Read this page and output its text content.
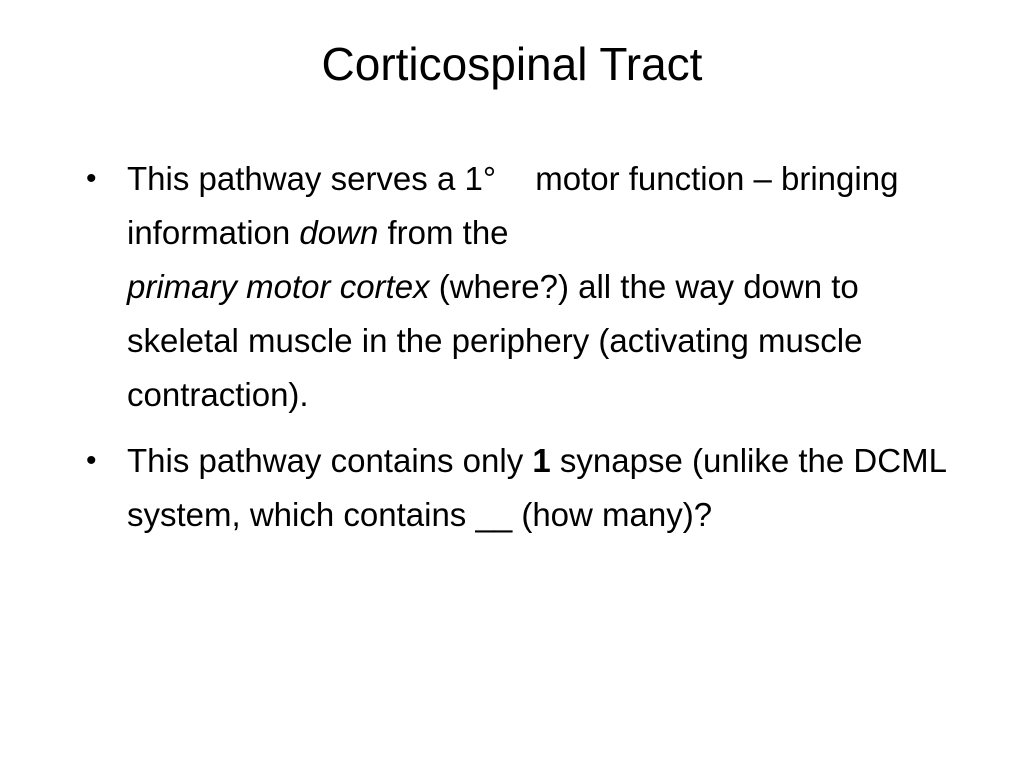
Corticospinal Tract
• This pathway serves a 1° motor function – bringing information down from the
primary motor cortex (where?) all the way down to skeletal muscle in the periphery (activating muscle contraction).
• This pathway contains only 1 synapse (unlike the DCML system, which contains __ (how many)?
